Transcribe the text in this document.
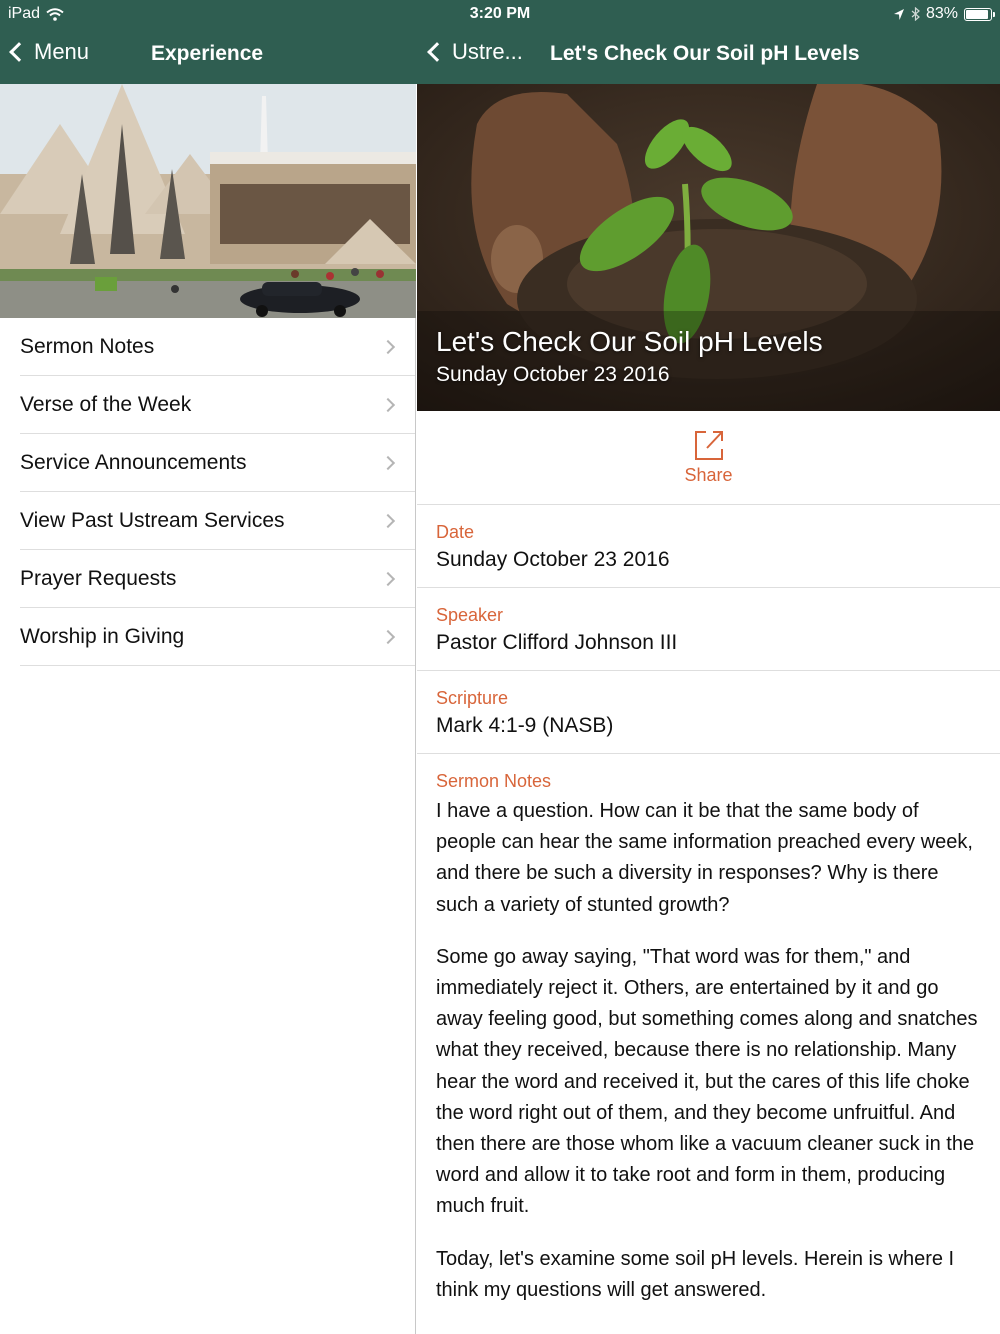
iPad	3:20 PM	83%
Menu	Experience	Ustre... Let's Check Our Soil pH Levels
Sermon Notes
Verse of the Week
Service Announcements
View Past Ustream Services
Prayer Requests
Worship in Giving
Let's Check Our Soil pH Levels
Sunday October 23 2016
Share
Date
Sunday October 23 2016
Speaker
Pastor Clifford Johnson III
Scripture
Mark 4:1-9 (NASB)
Sermon Notes

I have a question. How can it be that the same body of people can hear the same information preached every week, and there be such a diversity in responses? Why is there such a variety of stunted growth?

Some go away saying, "That word was for them," and immediately reject it. Others, are entertained by it and go away feeling good, but something comes along and snatches what they received, because there is no relationship. Many hear the word and received it, but the cares of this life choke the word right out of them, and they become unfruitful. And then there are those whom like a vacuum cleaner suck in the word and allow it to take root and form in them, producing much fruit.

Today, let's examine some soil pH levels. Herein is where I think my questions will get answered.
